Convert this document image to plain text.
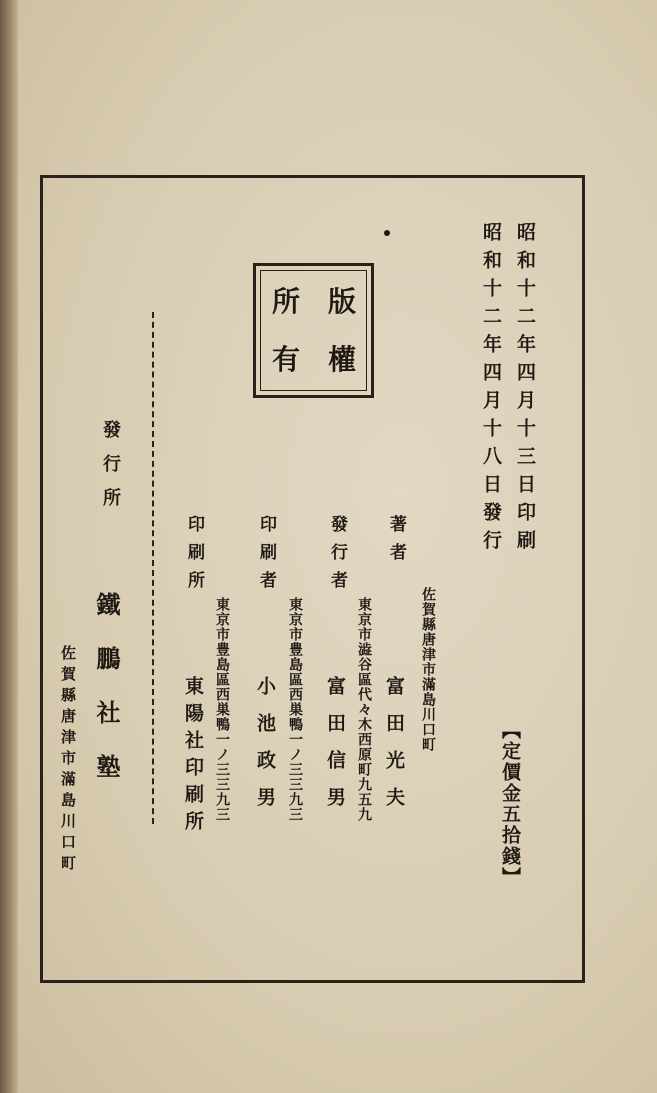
昭和十二年四月十三日印刷
昭和十二年四月十八日發行
版
權
所
有
著者
發行者
印刷者
印刷所
佐賀縣唐津市滿島川口町
東京市澁谷區代々木西原町九五九
東京市豊島區西巣鴨一ノ三三九三
東京市豊島區西巣鴨一ノ三三九三	富田光夫
富田信男
小池政男
東陽社印刷所	【定價金五拾錢】
發行所
鐵鵬社塾
佐賀縣唐津市滿島川口町
